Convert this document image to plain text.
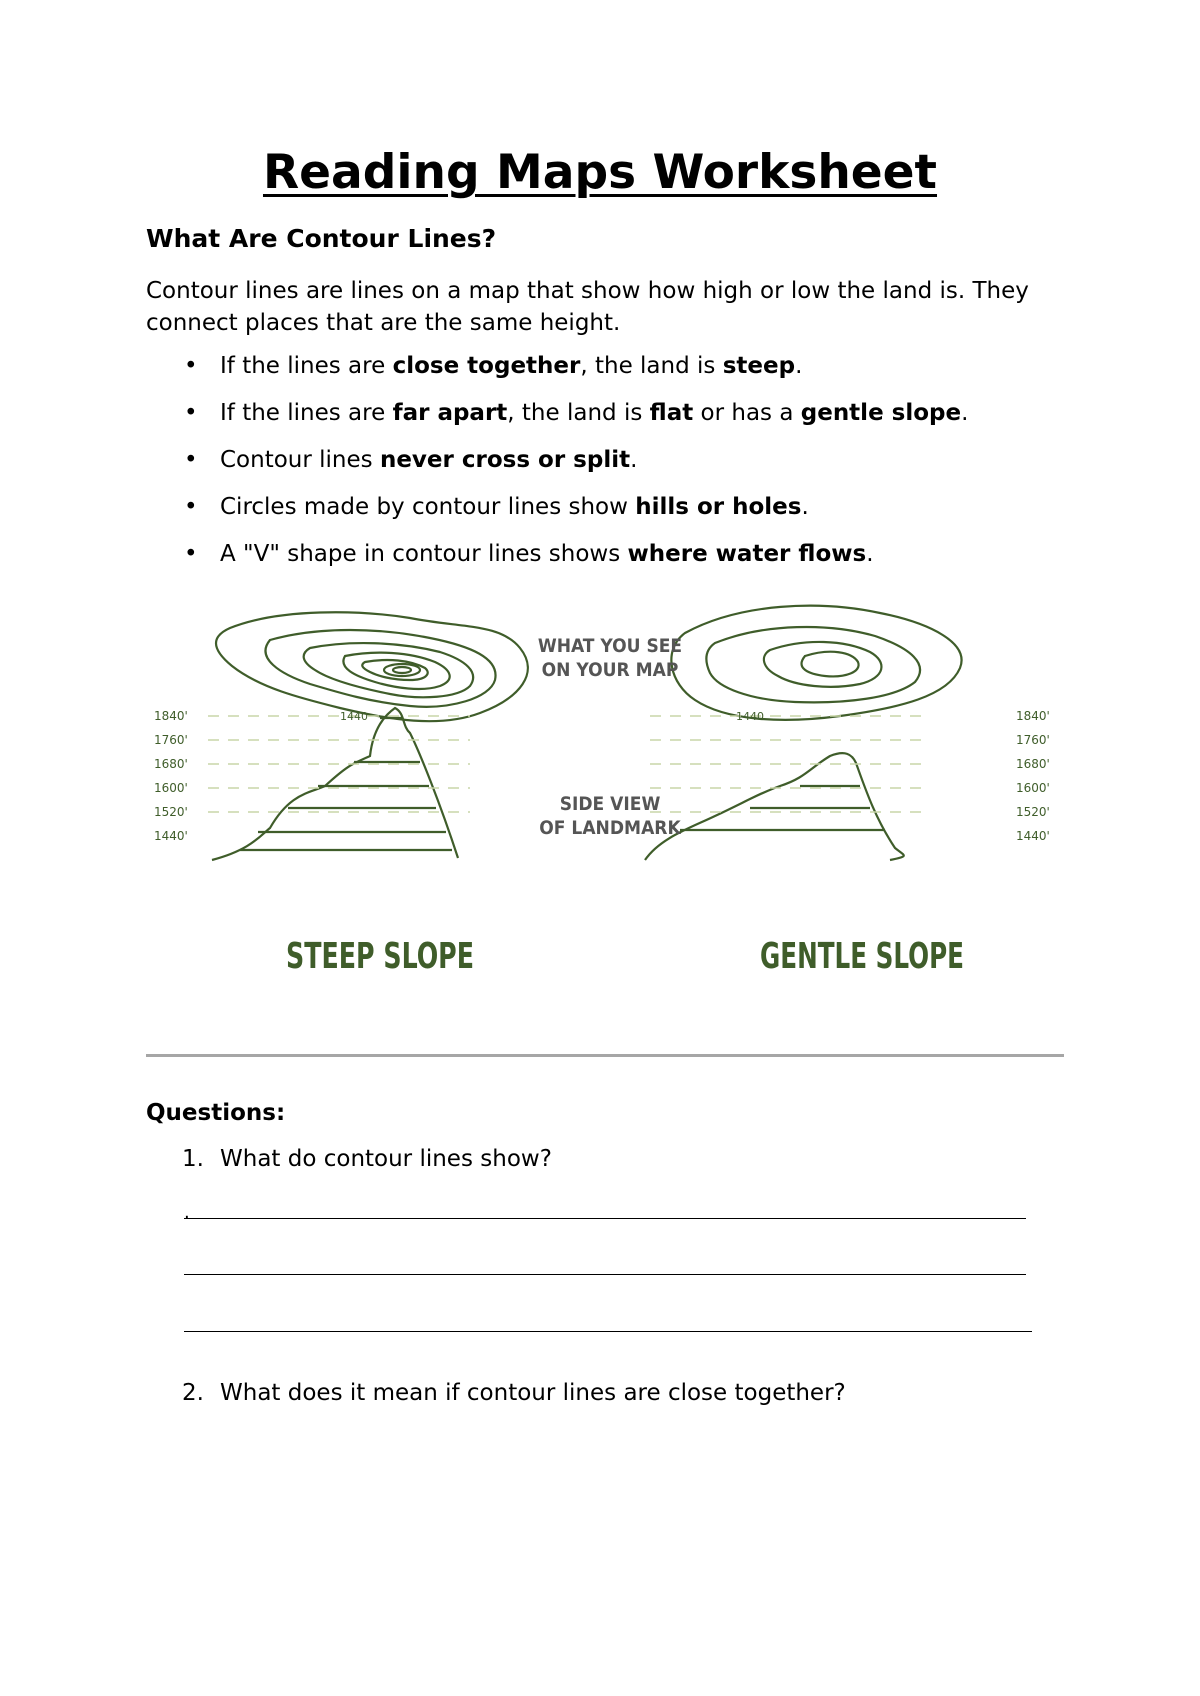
Reading Maps Worksheet
What Are Contour Lines?
Contour lines are lines on a map that show how high or low the land is. They connect places that are the same height.
• If the lines are close together, the land is steep.
• If the lines are far apart, the land is flat or has a gentle slope.
• Contour lines never cross or split.
• Circles made by contour lines show hills or holes.
• A "V" shape in contour lines shows where water flows.
1440	1440
1840'
1760'
1680'
1600'
1520'
1440'
1840'
1760'
1680'
1600'
1520'
1440'
WHAT YOU SEE
ON YOUR MAP
SIDE VIEW
OF LANDMARK
STEEP SLOPE	GENTLE SLOPE
Questions:
1. What do contour lines show?
.
2. What does it mean if contour lines are close together?
